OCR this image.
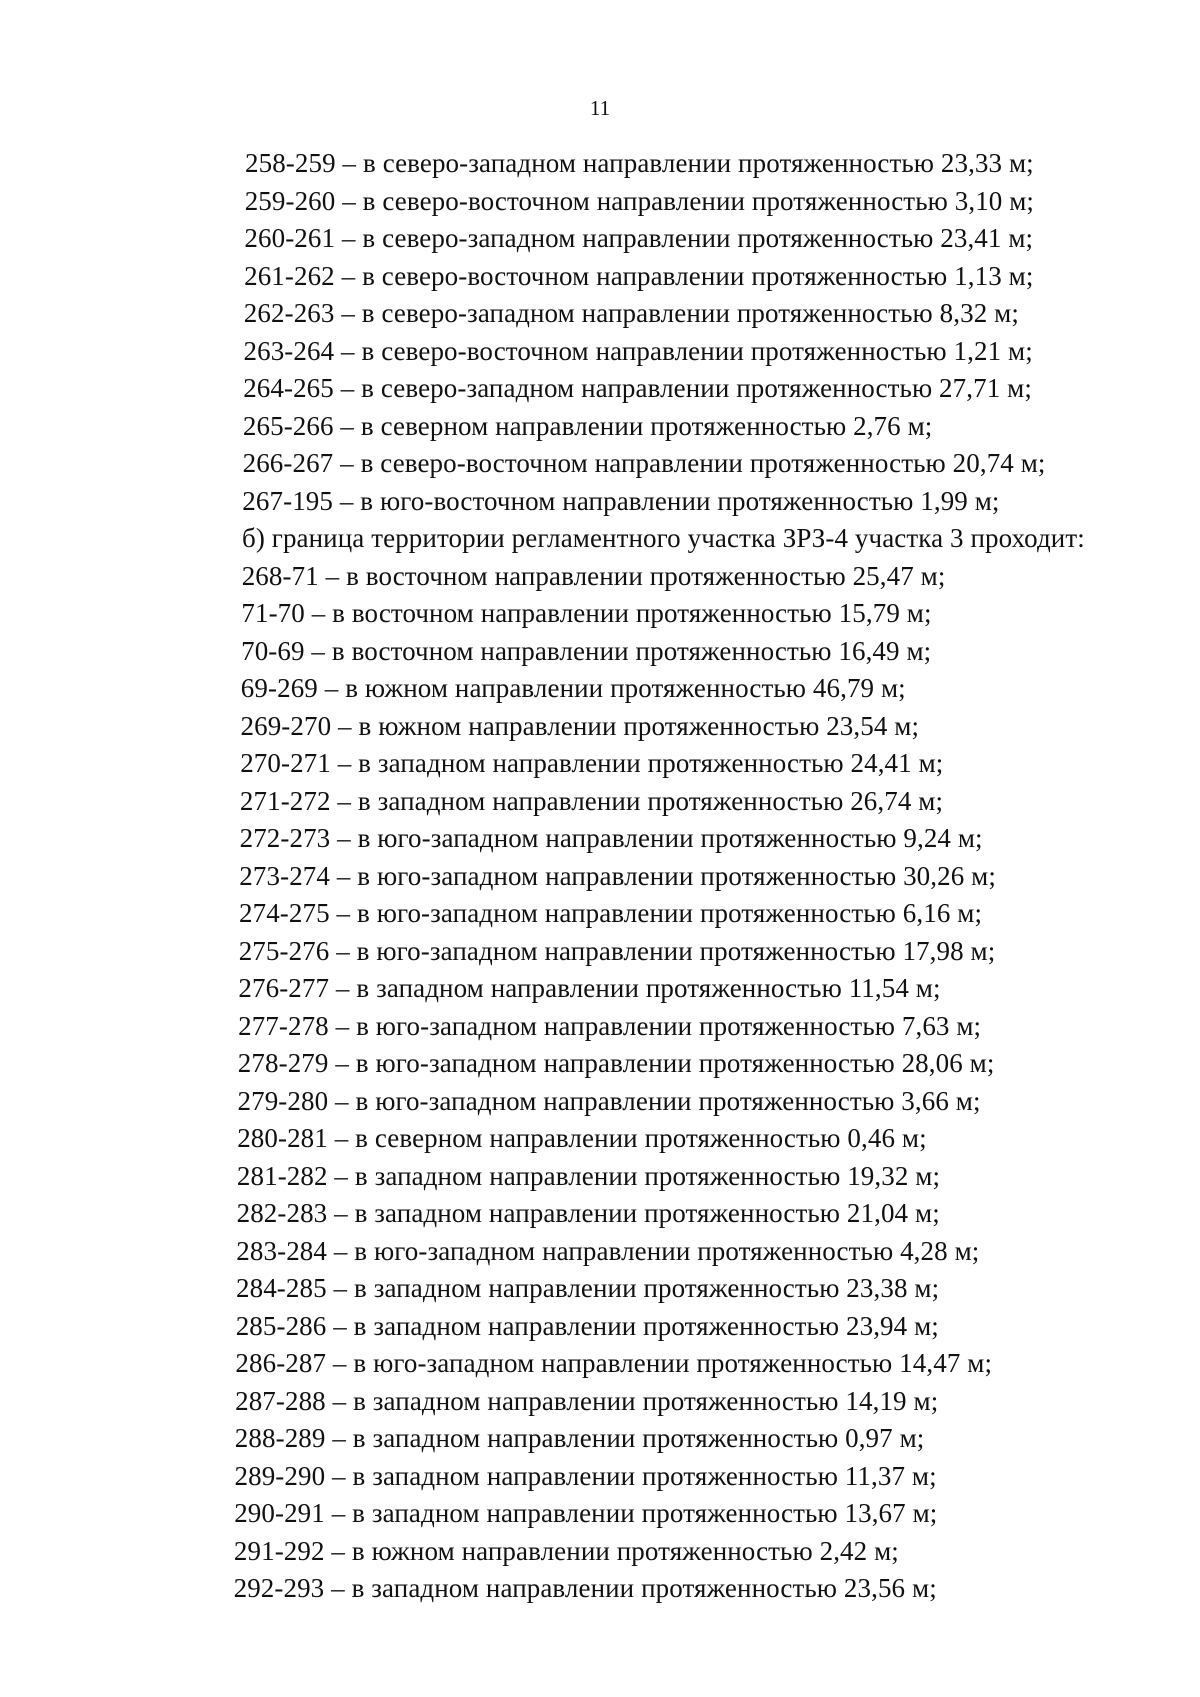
11
258-259 – в северо-западном направлении протяженностью 23,33 м;
259-260 – в северо-восточном направлении протяженностью 3,10 м;
260-261 – в северо-западном направлении протяженностью 23,41 м;
261-262 – в северо-восточном направлении протяженностью 1,13 м;
262-263 – в северо-западном направлении протяженностью 8,32 м;
263-264 – в северо-восточном направлении протяженностью 1,21 м;
264-265 – в северо-западном направлении протяженностью 27,71 м;
265-266 – в северном направлении протяженностью 2,76 м;
266-267 – в северо-восточном направлении протяженностью 20,74 м;
267-195 – в юго-восточном направлении протяженностью 1,99 м;
б) граница территории регламентного участка ЗРЗ-4 участка 3 проходит:
268-71 – в восточном направлении протяженностью 25,47 м;
71-70 – в восточном направлении протяженностью 15,79 м;
70-69 – в восточном направлении протяженностью 16,49 м;
69-269 – в южном направлении протяженностью 46,79 м;
269-270 – в южном направлении протяженностью 23,54 м;
270-271 – в западном направлении протяженностью 24,41 м;
271-272 – в западном направлении протяженностью 26,74 м;
272-273 – в юго-западном направлении протяженностью 9,24 м;
273-274 – в юго-западном направлении протяженностью 30,26 м;
274-275 – в юго-западном направлении протяженностью 6,16 м;
275-276 – в юго-западном направлении протяженностью 17,98 м;
276-277 – в западном направлении протяженностью 11,54 м;
277-278 – в юго-западном направлении протяженностью 7,63 м;
278-279 – в юго-западном направлении протяженностью 28,06 м;
279-280 – в юго-западном направлении протяженностью 3,66 м;
280-281 – в северном направлении протяженностью 0,46 м;
281-282 – в западном направлении протяженностью 19,32 м;
282-283 – в западном направлении протяженностью 21,04 м;
283-284 – в юго-западном направлении протяженностью 4,28 м;
284-285 – в западном направлении протяженностью 23,38 м;
285-286 – в западном направлении протяженностью 23,94 м;
286-287 – в юго-западном направлении протяженностью 14,47 м;
287-288 – в западном направлении протяженностью 14,19 м;
288-289 – в западном направлении протяженностью 0,97 м;
289-290 – в западном направлении протяженностью 11,37 м;
290-291 – в западном направлении протяженностью 13,67 м;
291-292 – в южном направлении протяженностью 2,42 м;
292-293 – в западном направлении протяженностью 23,56 м;
